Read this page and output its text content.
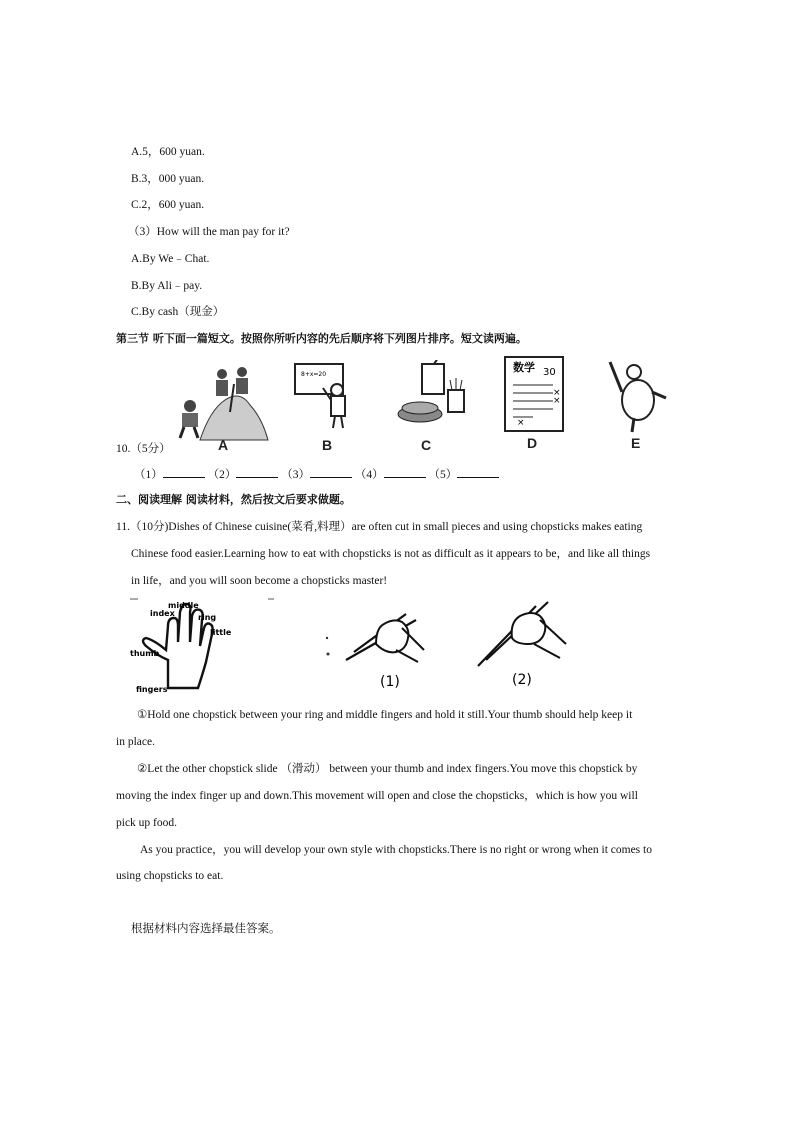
A.5，600 yuan.
B.3，000 yuan.
C.2，600 yuan.
（3）How will the man pay for it?
A.By We﹣Chat.
B.By Ali﹣pay.
C.By cash（现金）
第三节 听下面一篇短文。按照你所听内容的先后顺序将下列图片排序。短文读两遍。
8+x=20
数学 30
×
×
×
A	B	C	D	E
10.（5分）
（1）	（2）	（3）	（4）	（5）
二、阅读理解 阅读材料，然后按文后要求做题。
11.（10分)Dishes of Chinese cuisine(菜肴,料理）are often cut in small pieces and using chopsticks makes eating
Chinese food easier.Learning how to eat with chopsticks is not as difficult as it appears to be，and like all things
in life，and you will soon become a chopsticks master!
middle
index	ring
little
thumb
fingers	(1)	(2)
①Hold one chopstick between your ring and middle fingers and hold it still.Your thumb should help keep it
in place.
②Let the other chopstick slide （滑动） between your thumb and index fingers.You move this chopstick by
moving the index finger up and down.This movement will open and close the chopsticks，which is how you will
pick up food.
As you practice，you will develop your own style with chopsticks.There is no right or wrong when it comes to
using chopsticks to eat.
根据材料内容选择最佳答案。
